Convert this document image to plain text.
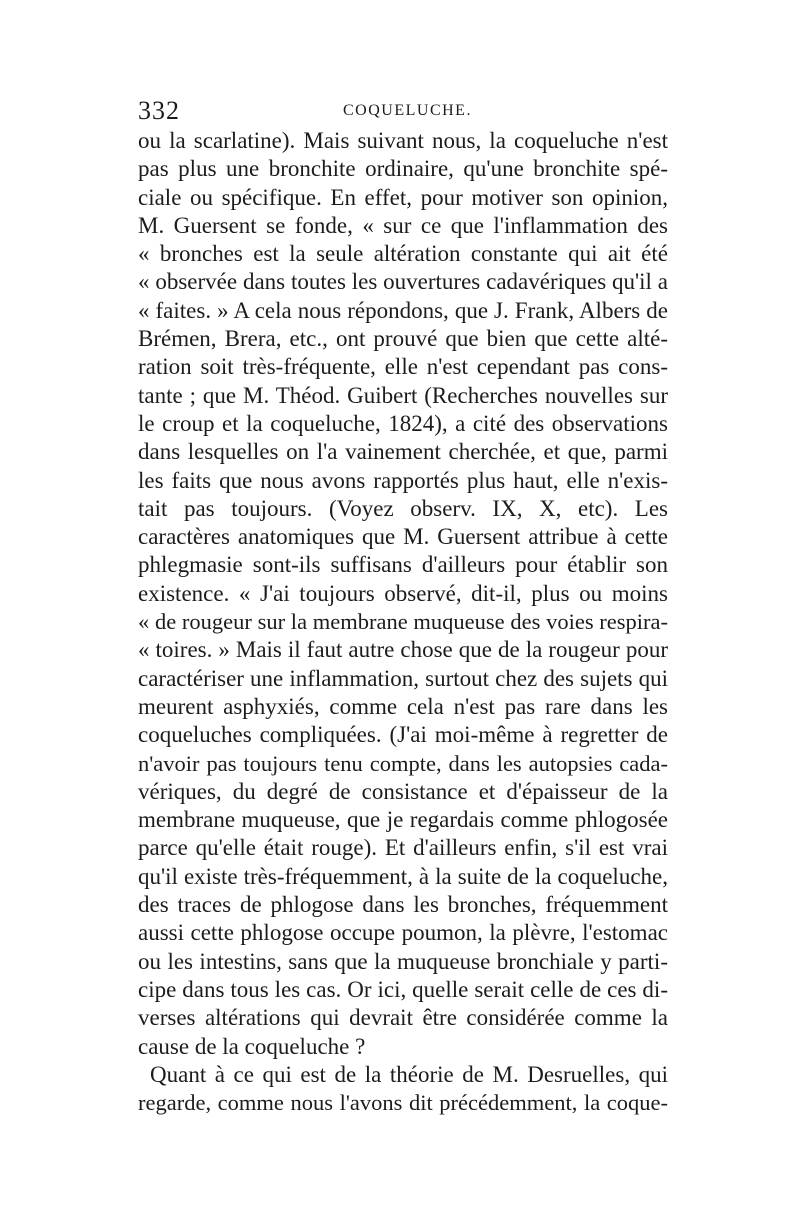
332	COQUELUCHE.
ou la scarlatine). Mais suivant nous, la coqueluche n'est
pas plus une bronchite ordinaire, qu'une bronchite spé-
ciale ou spécifique. En effet, pour motiver son opinion,
M. Guersent se fonde, « sur ce que l'inflammation des
« bronches est la seule altération constante qui ait été
« observée dans toutes les ouvertures cadavériques qu'il a
« faites. » A cela nous répondons, que J. Frank, Albers de
Brémen, Brera, etc., ont prouvé que bien que cette alté-
ration soit très-fréquente, elle n'est cependant pas cons-
tante ; que M. Théod. Guibert (Recherches nouvelles sur
le croup et la coqueluche, 1824), a cité des observations
dans lesquelles on l'a vainement cherchée, et que, parmi
les faits que nous avons rapportés plus haut, elle n'exis-
tait pas toujours. (Voyez observ. IX, X, etc). Les
caractères anatomiques que M. Guersent attribue à cette
phlegmasie sont-ils suffisans d'ailleurs pour établir son
existence. « J'ai toujours observé, dit-il, plus ou moins
« de rougeur sur la membrane muqueuse des voies respira-
« toires. » Mais il faut autre chose que de la rougeur pour
caractériser une inflammation, surtout chez des sujets qui
meurent asphyxiés, comme cela n'est pas rare dans les
coqueluches compliquées. (J'ai moi-même à regretter de
n'avoir pas toujours tenu compte, dans les autopsies cada-
vériques, du degré de consistance et d'épaisseur de la
membrane muqueuse, que je regardais comme phlogosée
parce qu'elle était rouge). Et d'ailleurs enfin, s'il est vrai
qu'il existe très-fréquemment, à la suite de la coqueluche,
des traces de phlogose dans les bronches, fréquemment
aussi cette phlogose occupe poumon, la plèvre, l'estomac
ou les intestins, sans que la muqueuse bronchiale y parti-
cipe dans tous les cas. Or ici, quelle serait celle de ces di-
verses altérations qui devrait être considérée comme la
cause de la coqueluche ?
Quant à ce qui est de la théorie de M. Desruelles, qui
regarde, comme nous l'avons dit précédemment, la coque-
